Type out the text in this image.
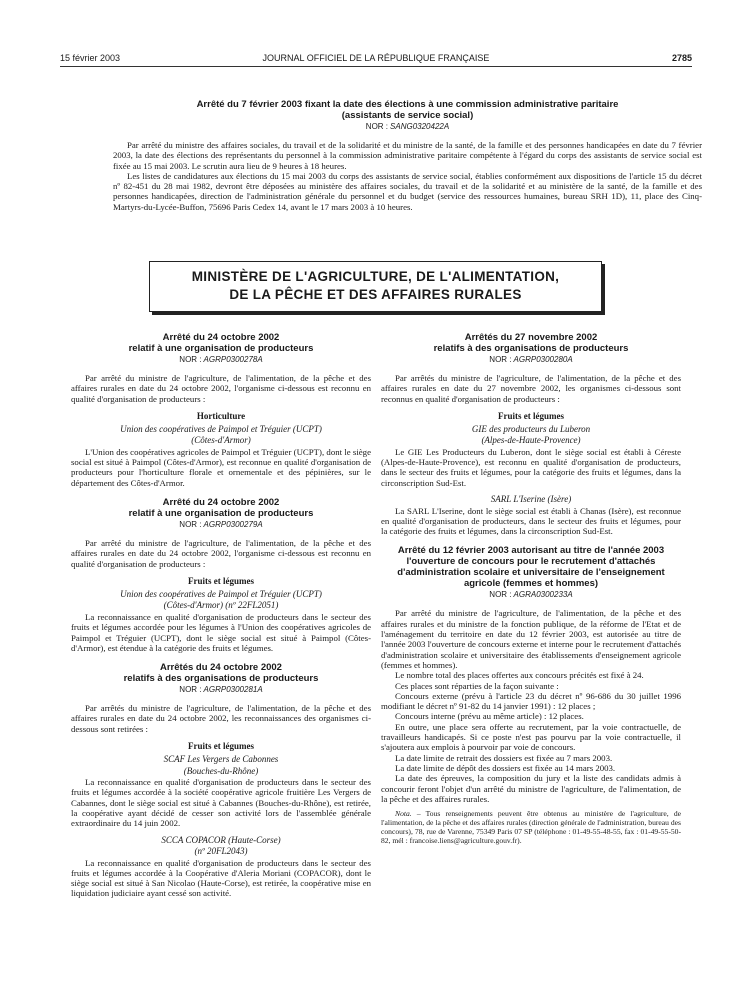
15 février 2003	JOURNAL OFFICIEL DE LA RÉPUBLIQUE FRANÇAISE	2785
Arrêté du 7 février 2003 fixant la date des élections à une commission administrative paritaire
(assistants de service social)
NOR : SANG0320422A

Par arrêté du ministre des affaires sociales, du travail et de la solidarité et du ministre de la santé, de la famille et des personnes handicapées en date du 7 février 2003, la date des élections des représentants du personnel à la commission administrative paritaire compétente à l'égard du corps des assistants de service social est fixée au 15 mai 2003. Le scrutin aura lieu de 9 heures à 18 heures.

Les listes de candidatures aux élections du 15 mai 2003 du corps des assistants de service social, établies conformément aux dispositions de l'article 15 du décret nº 82-451 du 28 mai 1982, devront être déposées au ministère des affaires sociales, du travail et de la solidarité et au ministère de la santé, de la famille et des personnes handicapées, direction de l'administration générale du personnel et du budget (service des ressources humaines, bureau SRH 1D), 11, place des Cinq-Martyrs-du-Lycée-Buffon, 75696 Paris Cedex 14, avant le 17 mars 2003 à 10 heures.

MINISTÈRE DE L'AGRICULTURE, DE L'ALIMENTATION,
DE LA PÊCHE ET DES AFFAIRES RURALES
Arrêté du 24 octobre 2002
relatif à une organisation de producteurs
NOR : AGRP0300278A

Par arrêté du ministre de l'agriculture, de l'alimentation, de la pêche et des affaires rurales en date du 24 octobre 2002, l'organisme ci-dessous est reconnu en qualité d'organisation de producteurs :

Horticulture
Union des coopératives de Paimpol et Tréguier (UCPT)
(Côtes-d'Armor)

L'Union des coopératives agricoles de Paimpol et Tréguier (UCPT), dont le siège social est situé à Paimpol (Côtes-d'Armor), est reconnue en qualité d'organisation de producteurs pour l'horticulture florale et ornementale et des pépinières, sur le département des Côtes-d'Armor.

Arrêté du 24 octobre 2002
relatif à une organisation de producteurs
NOR : AGRP0300279A

Par arrêté du ministre de l'agriculture, de l'alimentation, de la pêche et des affaires rurales en date du 24 octobre 2002, l'organisme ci-dessous est reconnu en qualité d'organisation de producteurs :

Fruits et légumes
Union des coopératives de Paimpol et Tréguier (UCPT)
(Côtes-d'Armor) (nº 22FL2051)

La reconnaissance en qualité d'organisation de producteurs dans le secteur des fruits et légumes accordée pour les légumes à l'Union des coopératives agricoles de Paimpol et Tréguier (UCPT), dont le siège social est situé à Paimpol (Côtes-d'Armor), est étendue à la catégorie des fruits et légumes.

Arrêtés du 24 octobre 2002
relatifs à des organisations de producteurs
NOR : AGRP0300281A

Par arrêtés du ministre de l'agriculture, de l'alimentation, de la pêche et des affaires rurales en date du 24 octobre 2002, les reconnaissances des organismes ci-dessous sont retirées :

Fruits et légumes
SCAF Les Vergers de Cabonnes
(Bouches-du-Rhône)

La reconnaissance en qualité d'organisation de producteurs dans le secteur des fruits et légumes accordée à la société coopérative agricole fruitière Les Vergers de Cabannes, dont le siège social est situé à Cabannes (Bouches-du-Rhône), est retirée, la coopérative ayant décidé de cesser son activité lors de l'assemblée générale extraordinaire du 14 juin 2002.

SCCA COPACOR (Haute-Corse)
(nº 20FL2043)

La reconnaissance en qualité d'organisation de producteurs dans le secteur des fruits et légumes accordée à la Coopérative d'Aleria Moriani (COPACOR), dont le siège social est situé à San Nicolao (Haute-Corse), est retirée, la coopérative mise en liquidation judiciaire ayant cessé son activité.

Arrêtés du 27 novembre 2002
relatifs à des organisations de producteurs
NOR : AGRP0300280A

Par arrêtés du ministre de l'agriculture, de l'alimentation, de la pêche et des affaires rurales en date du 27 novembre 2002, les organismes ci-dessous sont reconnus en qualité d'organisation de producteurs :

Fruits et légumes
GIE des producteurs du Luberon
(Alpes-de-Haute-Provence)

Le GIE Les Producteurs du Luberon, dont le siège social est établi à Céreste (Alpes-de-Haute-Provence), est reconnu en qualité d'organisation de producteurs, dans le secteur des fruits et légumes, pour la catégorie des fruits et légumes, dans la circonscription Sud-Est.

SARL L'Iserine (Isère)

La SARL L'Iserine, dont le siège social est établi à Chanas (Isère), est reconnue en qualité d'organisation de producteurs, dans le secteur des fruits et légumes, pour la catégorie des fruits et légumes, dans la circonscription Sud-Est.

Arrêté du 12 février 2003 autorisant au titre de l'année 2003 l'ouverture de concours pour le recrutement d'attachés d'administration scolaire et universitaire de l'enseignement agricole (femmes et hommes)
NOR : AGRA0300233A

Par arrêté du ministre de l'agriculture, de l'alimentation, de la pêche et des affaires rurales et du ministre de la fonction publique, de la réforme de l'Etat et de l'aménagement du territoire en date du 12 février 2003, est autorisée au titre de l'année 2003 l'ouverture de concours externe et interne pour le recrutement d'attachés d'administration scolaire et universitaire des établissements d'enseignement agricole (femmes et hommes).

Le nombre total des places offertes aux concours précités est fixé à 24.

Ces places sont réparties de la façon suivante :

Concours externe (prévu à l'article 23 du décret nº 96-686 du 30 juillet 1996 modifiant le décret nº 91-82 du 14 janvier 1991) : 12 places ;

Concours interne (prévu au même article) : 12 places.

En outre, une place sera offerte au recrutement, par la voie contractuelle, de travailleurs handicapés. Si ce poste n'est pas pourvu par la voie contractuelle, il s'ajoutera aux emplois à pourvoir par voie de concours.

La date limite de retrait des dossiers est fixée au 7 mars 2003.

La date limite de dépôt des dossiers est fixée au 14 mars 2003.

La date des épreuves, la composition du jury et la liste des candidats admis à concourir feront l'objet d'un arrêté du ministre de l'agriculture, de l'alimentation, de la pêche et des affaires rurales.

Nota. – Tous renseignements peuvent être obtenus au ministère de l'agriculture, de l'alimentation, de la pêche et des affaires rurales (direction générale de l'administration, bureau des concours), 78, rue de Varenne, 75349 Paris 07 SP (téléphone : 01-49-55-48-55, fax : 01-49-55-50-82, mél : francoise.liens@agriculture.gouv.fr).
